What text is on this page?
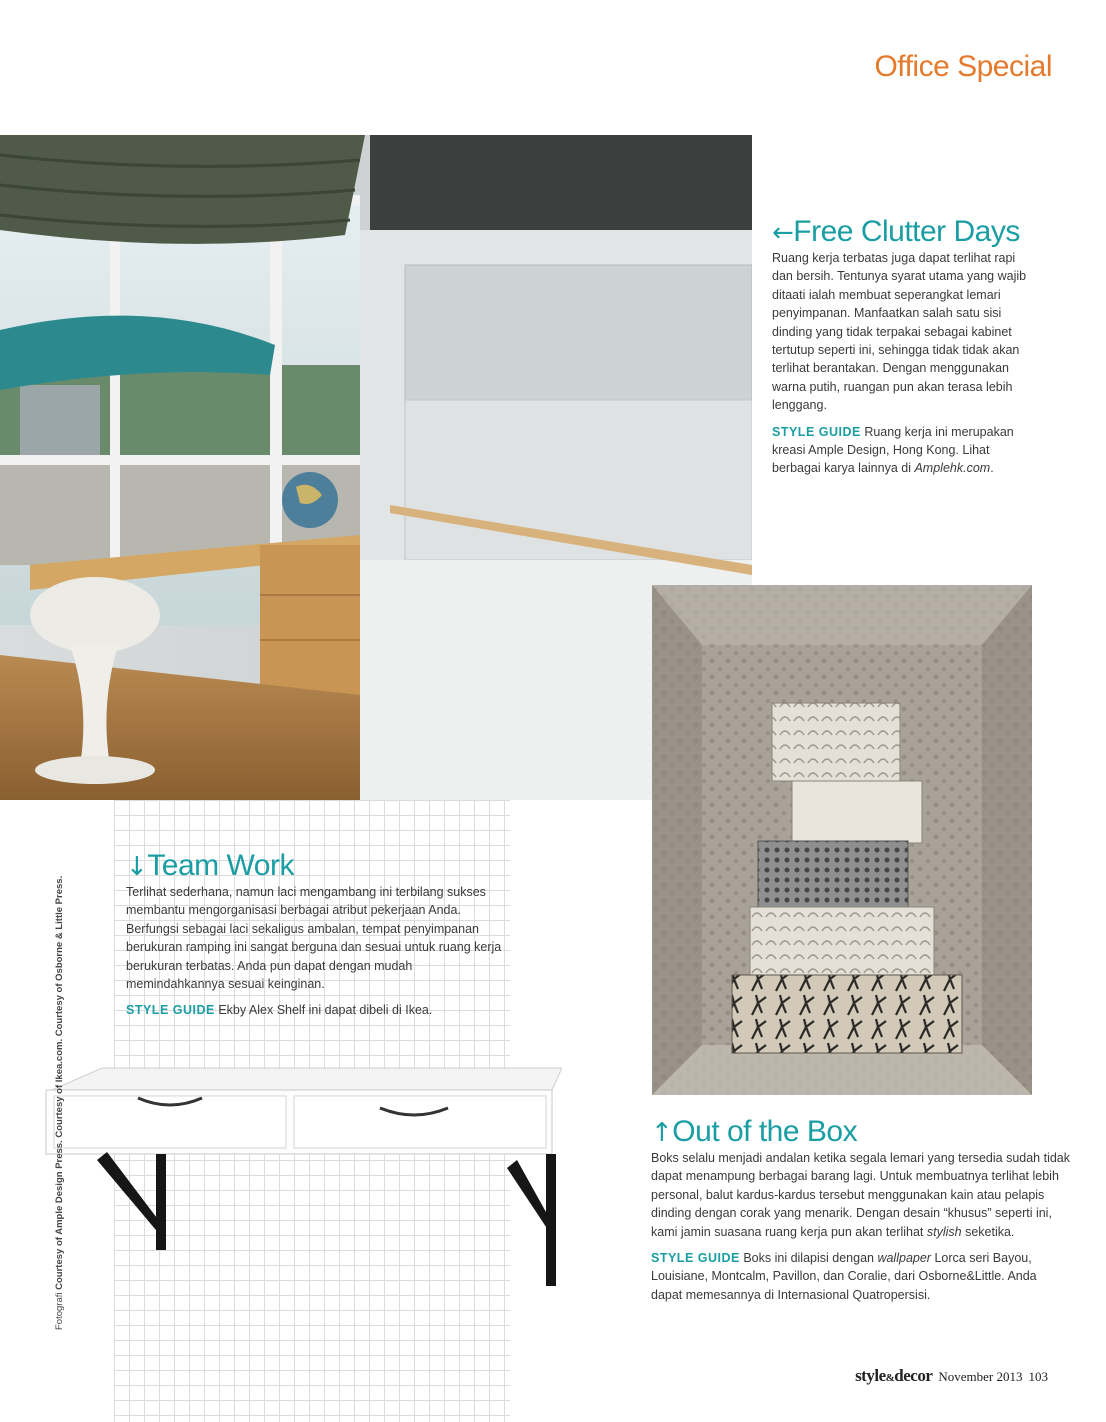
Office Special
←Free Clutter Days

Ruang kerja terbatas juga dapat terlihat rapi dan bersih. Tentunya syarat utama yang wajib ditaati ialah membuat seperangkat lemari penyimpanan. Manfaatkan salah satu sisi dinding yang tidak terpakai sebagai kabinet tertutup seperti ini, sehingga tidak tidak akan terlihat berantakan. Dengan menggunakan warna putih, ruangan pun akan terasa lebih lenggang.

STYLE GUIDE Ruang kerja ini merupakan kreasi Ample Design, Hong Kong. Lihat berbagai karya lainnya di Amplehk.com.

↓Team Work

Terlihat sederhana, namun laci mengambang ini terbilang sukses membantu mengorganisasi berbagai atribut pekerjaan Anda. Berfungsi sebagai laci sekaligus ambalan, tempat penyimpanan berukuran ramping ini sangat berguna dan sesuai untuk ruang kerja berukuran terbatas. Anda pun dapat dengan mudah memindahkannya sesuai keinginan.

STYLE GUIDE Ekby Alex Shelf ini dapat dibeli di Ikea.

↑Out of the Box

Boks selalu menjadi andalan ketika segala lemari yang tersedia sudah tidak dapat menampung berbagai barang lagi. Untuk membuatnya terlihat lebih personal, balut kardus-kardus tersebut menggunakan kain atau pelapis dinding dengan corak yang menarik. Dengan desain “khusus” seperti ini, kami jamin suasana ruang kerja pun akan terlihat stylish seketika.

STYLE GUIDE Boks ini dilapisi dengan wallpaper Lorca seri Bayou, Louisiane, Montcalm, Pavillon, dan Coralie, dari Osborne&Little. Anda dapat memesannya di Internasional Quatropersisi.

Fotografi Courtesy of Ample Design Press. Courtesy of Ikea.com. Courtesy of Osborne & Little Press.
style&decor November 2013 103
